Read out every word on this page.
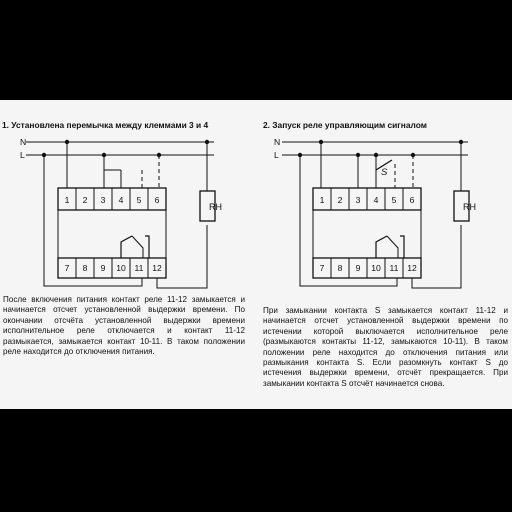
1. Установлена перемычка между клеммами 3 и 4	2. Запуск реле управляющим сигналом
N
L
1 2 3 4 5 6
7 8 9 10 11 12
RH
N
L
S
1 2 3 4 5 6
7 8 9 10 11 12
RH

После включения питания контакт реле 11-12 замыкается и начинается отсчет установленной выдержки времени. По окончании отсчёта установленной выдержки времени исполнительное реле отключается и контакт 11-12 размыкается, замыкается контакт 10-11. В таком положении реле находится до отключения питания.

При замыкании контакта S замыкается контакт 11-12 и начинается отсчет установленной выдержки времени по истечении которой выключается исполнительное реле (размыкаются контакты 11-12, замыкаются 10-11). В таком положении реле находится до отключения питания или размыкания контакта S. Если разомкнуть контакт S до истечения выдержки времени, отсчёт прекращается. При замыкании контакта S отсчёт начинается снова.
